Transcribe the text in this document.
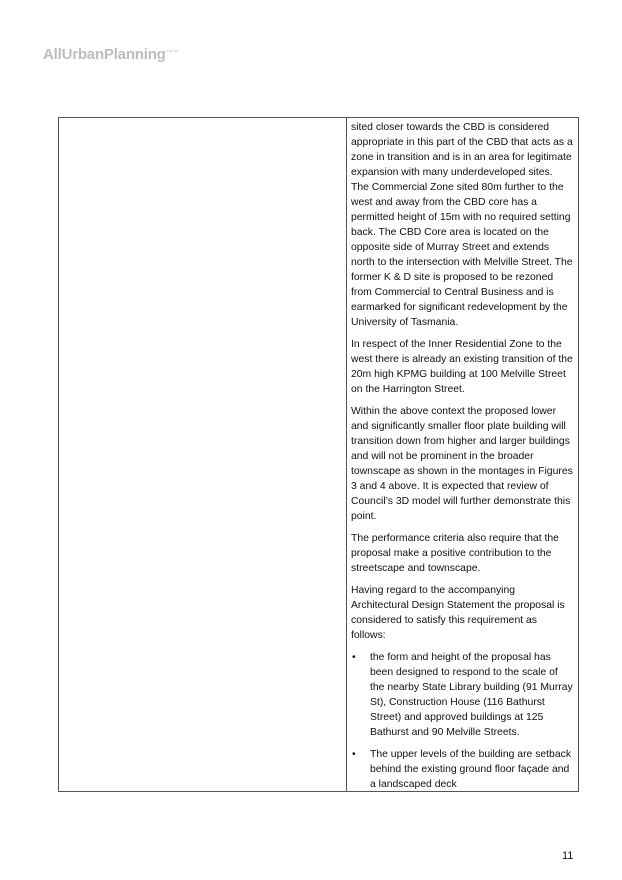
AllUrbanPlanning$^{Pty Ltd}$

sited closer towards the CBD is considered appropriate in this part of the CBD that acts as a zone in transition and is in an area for legitimate expansion with many underdeveloped sites. The Commercial Zone sited 80m further to the west and away from the CBD core has a permitted height of 15m with no required setting back. The CBD Core area is located on the opposite side of Murray Street and extends north to the intersection with Melville Street. The former K & D site is proposed to be rezoned from Commercial to Central Business and is earmarked for significant redevelopment by the University of Tasmania.

In respect of the Inner Residential Zone to the west there is already an existing transition of the 20m high KPMG building at 100 Melville Street on the Harrington Street.

Within the above context the proposed lower and significantly smaller floor plate building will transition down from higher and larger buildings and will not be prominent in the broader townscape as shown in the montages in Figures 3 and 4 above. It is expected that review of Council’s 3D model will further demonstrate this point.

The performance criteria also require that the proposal make a positive contribution to the streetscape and townscape.

Having regard to the accompanying Architectural Design Statement the proposal is considered to satisfy this requirement as follows:

• the form and height of the proposal has been designed to respond to the scale of the nearby State Library building (91 Murray St), Construction House (116 Bathurst Street) and approved buildings at 125 Bathurst and 90 Melville Streets.
• The upper levels of the building are setback behind the existing ground floor façade and a landscaped deck
11
